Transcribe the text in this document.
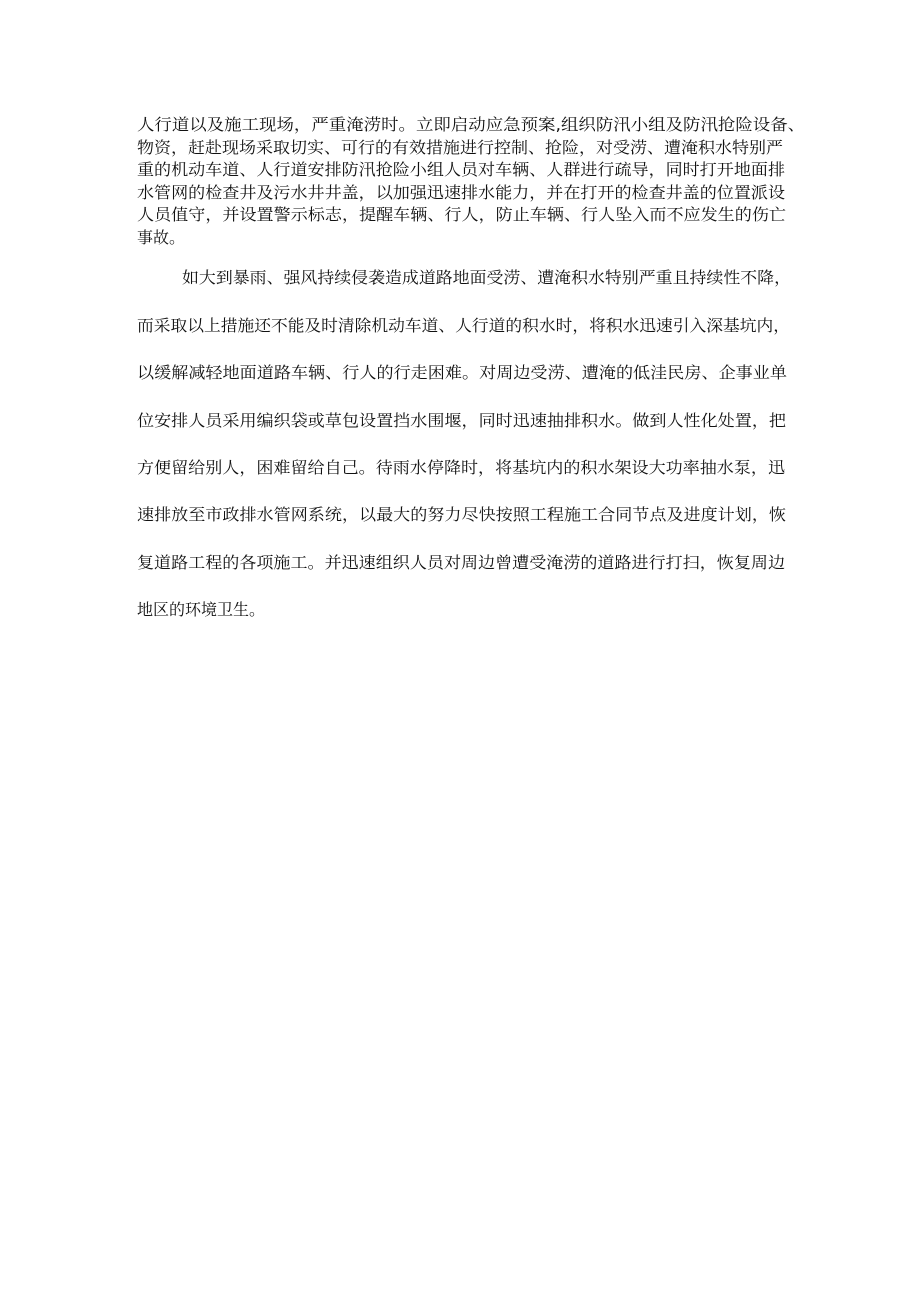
人行道以及施工现场，严重淹涝时。立即启动应急预案,组织防汛小组及防汛抢险设备、
物资，赶赴现场采取切实、可行的有效措施进行控制、抢险，对受涝、遭淹积水特别严
重的机动车道、人行道安排防汛抢险小组人员对车辆、人群进行疏导，同时打开地面排
水管网的检查井及污水井井盖，以加强迅速排水能力，并在打开的检查井盖的位置派设
人员值守，并设置警示标志，提醒车辆、行人，防止车辆、行人坠入而不应发生的伤亡
事故。
如大到暴雨、强风持续侵袭造成道路地面受涝、遭淹积水特别严重且持续性不降，
而采取以上措施还不能及时清除机动车道、人行道的积水时，将积水迅速引入深基坑内，
以缓解减轻地面道路车辆、行人的行走困难。对周边受涝、遭淹的低洼民房、企事业单
位安排人员采用编织袋或草包设置挡水围堰，同时迅速抽排积水。做到人性化处置，把
方便留给别人，困难留给自己。待雨水停降时，将基坑内的积水架设大功率抽水泵，迅
速排放至市政排水管网系统，以最大的努力尽快按照工程施工合同节点及进度计划，恢
复道路工程的各项施工。并迅速组织人员对周边曾遭受淹涝的道路进行打扫，恢复周边
地区的环境卫生。
